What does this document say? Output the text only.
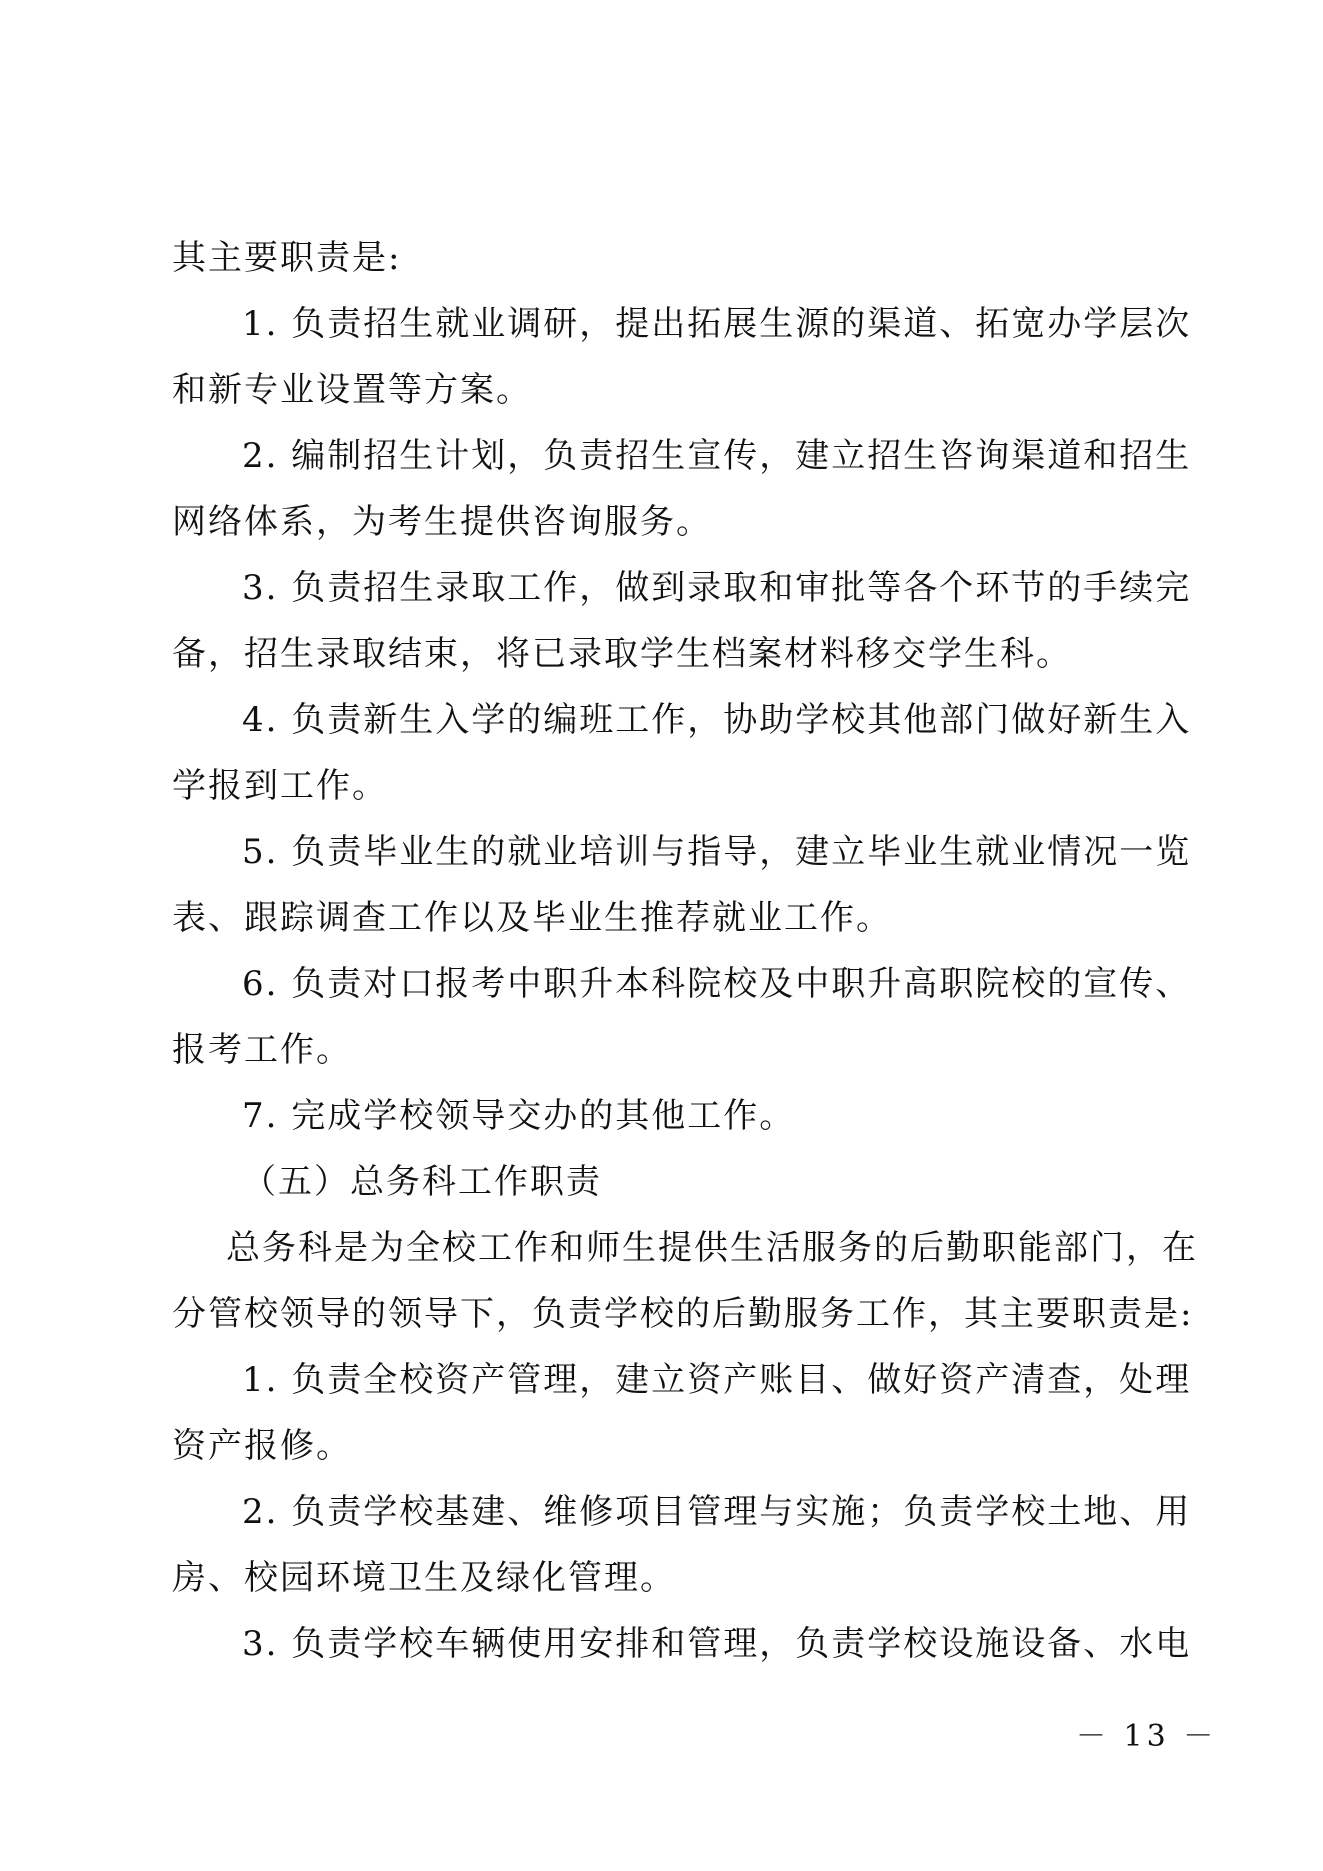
其主要职责是:
1. 负责招生就业调研，提出拓展生源的渠道、拓宽办学层次
和新专业设置等方案。
2. 编制招生计划，负责招生宣传，建立招生咨询渠道和招生
网络体系，为考生提供咨询服务。
3. 负责招生录取工作，做到录取和审批等各个环节的手续完
备，招生录取结束，将已录取学生档案材料移交学生科。
4. 负责新生入学的编班工作，协助学校其他部门做好新生入
学报到工作。
5. 负责毕业生的就业培训与指导，建立毕业生就业情况一览
表、跟踪调查工作以及毕业生推荐就业工作。
6. 负责对口报考中职升本科院校及中职升高职院校的宣传、
报考工作。
7. 完成学校领导交办的其他工作。
（五）总务科工作职责
总务科是为全校工作和师生提供生活服务的后勤职能部门，在
分管校领导的领导下，负责学校的后勤服务工作，其主要职责是:
1. 负责全校资产管理，建立资产账目、做好资产清查，处理
资产报修。
2. 负责学校基建、维修项目管理与实施；负责学校土地、用
房、校园环境卫生及绿化管理。
3. 负责学校车辆使用安排和管理，负责学校设施设备、水电
－ 13 －
